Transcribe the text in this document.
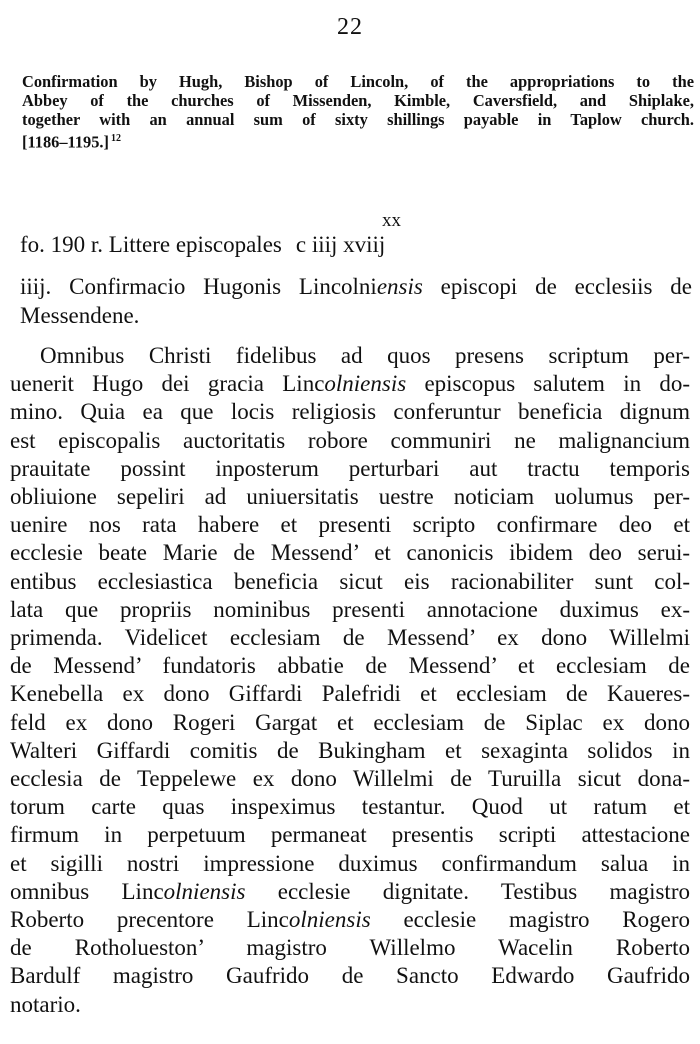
22
Confirmation by Hugh, Bishop of Lincoln, of the appropriations to the
Abbey of the churches of Missenden, Kimble, Caversfield, and Shiplake,
together with an annual sum of sixty shillings payable in Taplow church.
[1186–1195.] $^{12}$
xx
fo. 190 r. Littere episcopales c iiij xviij
iiij. Confirmacio Hugonis Lincolniensis episcopi de ecclesiis de
Messendene.
Omnibus Christi fidelibus ad quos presens scriptum per-
uenerit Hugo dei gracia Lincolniensis episcopus salutem in do-
mino. Quia ea que locis religiosis conferuntur beneficia dignum
est episcopalis auctoritatis robore communiri ne malignancium
prauitate possint inposterum perturbari aut tractu temporis
obliuione sepeliri ad uniuersitatis uestre noticiam uolumus per-
uenire nos rata habere et presenti scripto confirmare deo et
ecclesie beate Marie de Messend’ et canonicis ibidem deo serui-
entibus ecclesiastica beneficia sicut eis racionabiliter sunt col-
lata que propriis nominibus presenti annotacione duximus ex-
primenda. Videlicet ecclesiam de Messend’ ex dono Willelmi
de Messend’ fundatoris abbatie de Messend’ et ecclesiam de
Kenebella ex dono Giffardi Palefridi et ecclesiam de Kaueres-
feld ex dono Rogeri Gargat et ecclesiam de Siplac ex dono
Walteri Giffardi comitis de Bukingham et sexaginta solidos in
ecclesia de Teppelewe ex dono Willelmi de Turuilla sicut dona-
torum carte quas inspeximus testantur. Quod ut ratum et
firmum in perpetuum permaneat presentis scripti attestacione
et sigilli nostri impressione duximus confirmandum salua in
omnibus Lincolniensis ecclesie dignitate. Testibus magistro
Roberto precentore Lincolniensis ecclesie magistro Rogero
de Rotholueston’ magistro Willelmo Wacelin Roberto
Bardulf magistro Gaufrido de Sancto Edwardo Gaufrido
notario.
